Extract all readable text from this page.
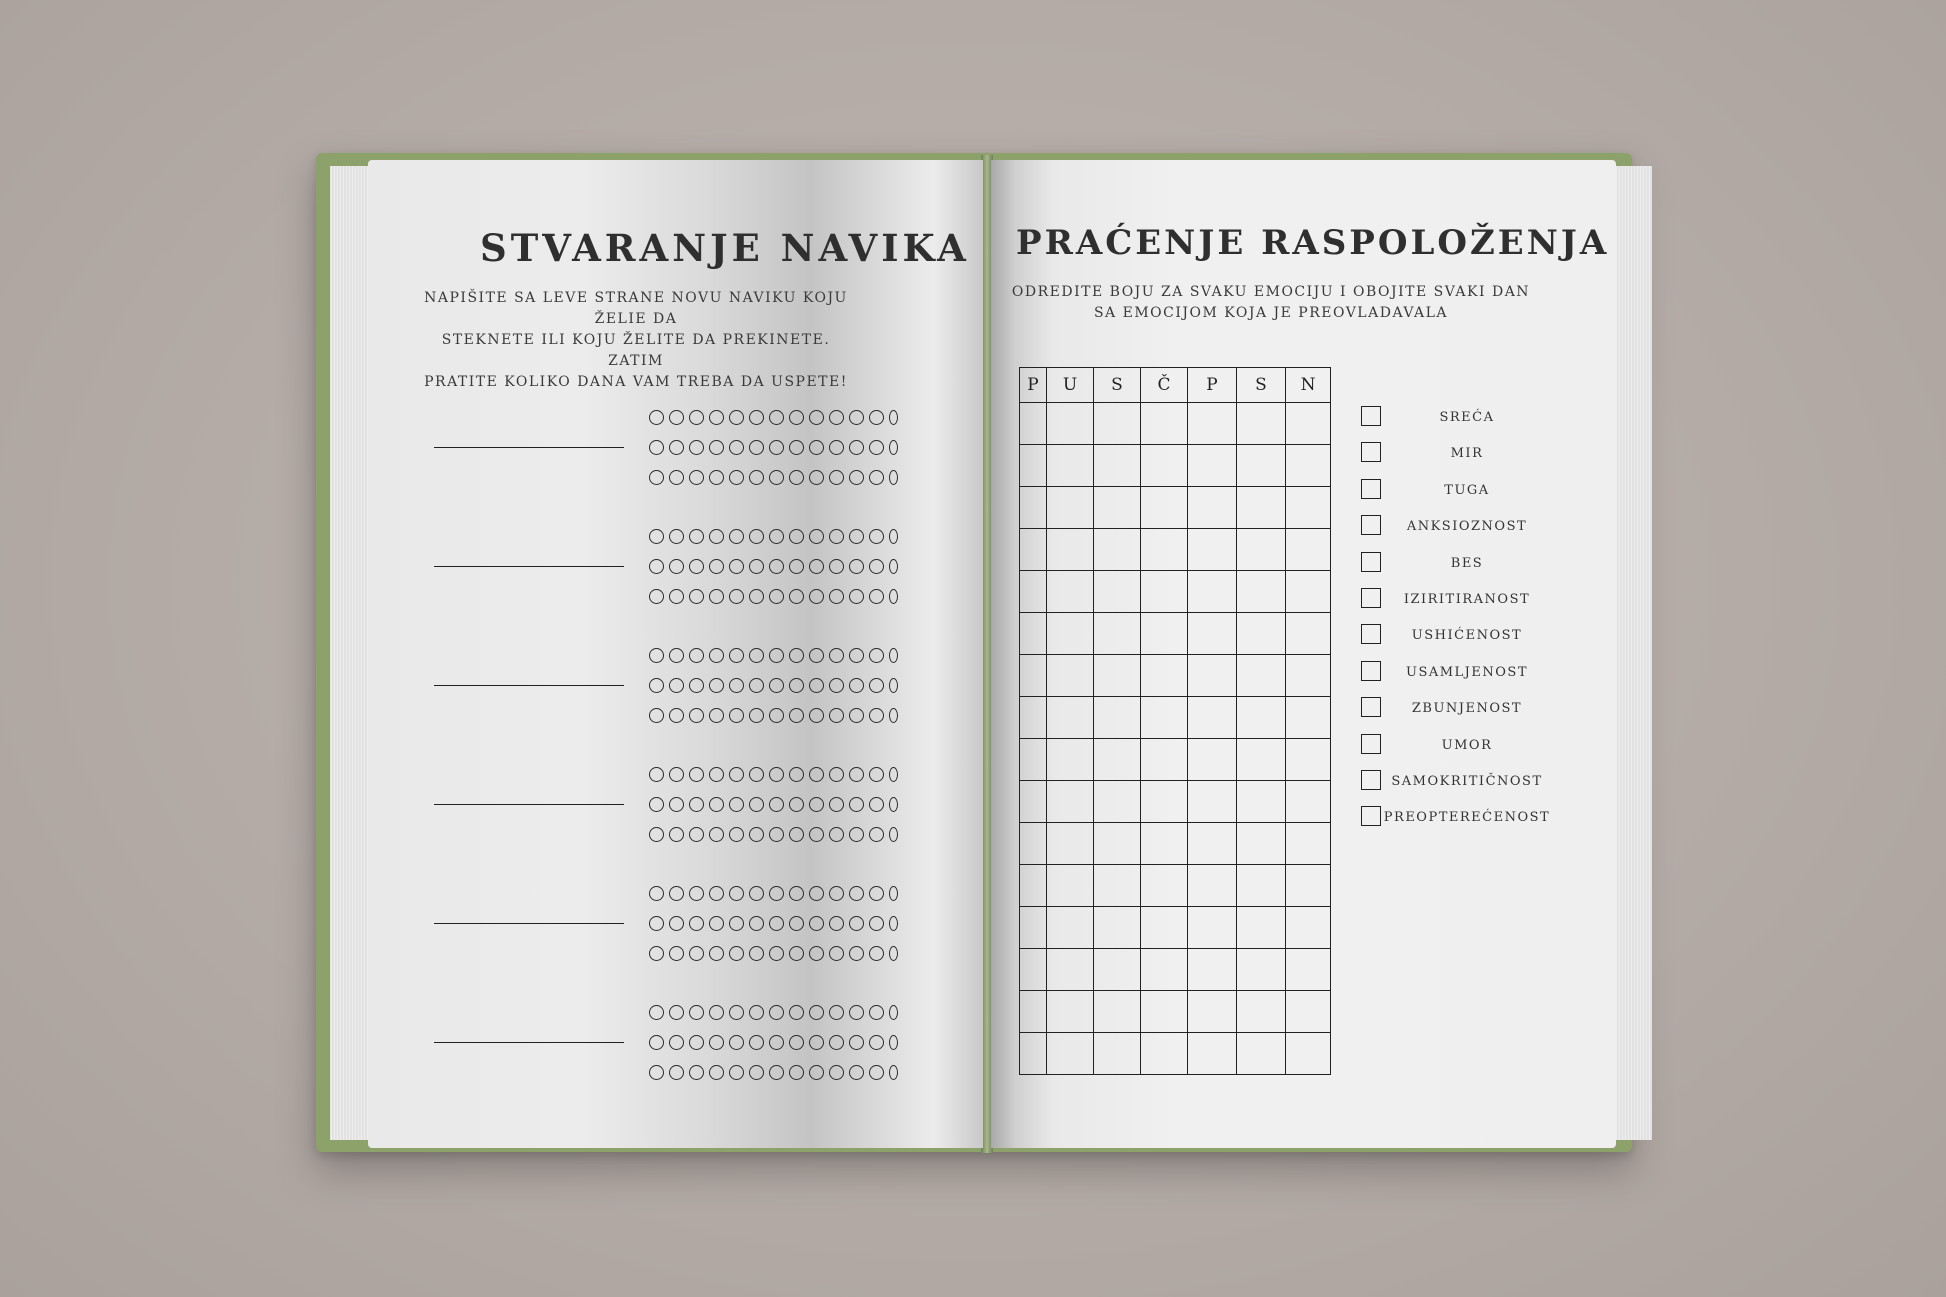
STVARANJE NAVIKA
NAPIŠITE SA LEVE STRANE NOVU NAVIKU KOJU ŽELIE DA
STEKNETE ILI KOJU ŽELITE DA PREKINETE. ZATIM
PRATITE KOLIKO DANA VAM TREBA DA USPETE!
PRAĆENJE RASPOLOŽENJA
ODREDITE BOJU ZA SVAKU EMOCIJU I OBOJITE SVAKI DAN
SA EMOCIJOM KOJA JE PREOVLADAVALA
P	U	S	Č	P	S	N

SREĆA
MIR
TUGA
ANKSIOZNOST
BES
IZIRITIRANOST
USHIĆENOST
USAMLJENOST
ZBUNJENOST
UMOR
SAMOKRITIČNOST
PREOPTEREĆENOST
